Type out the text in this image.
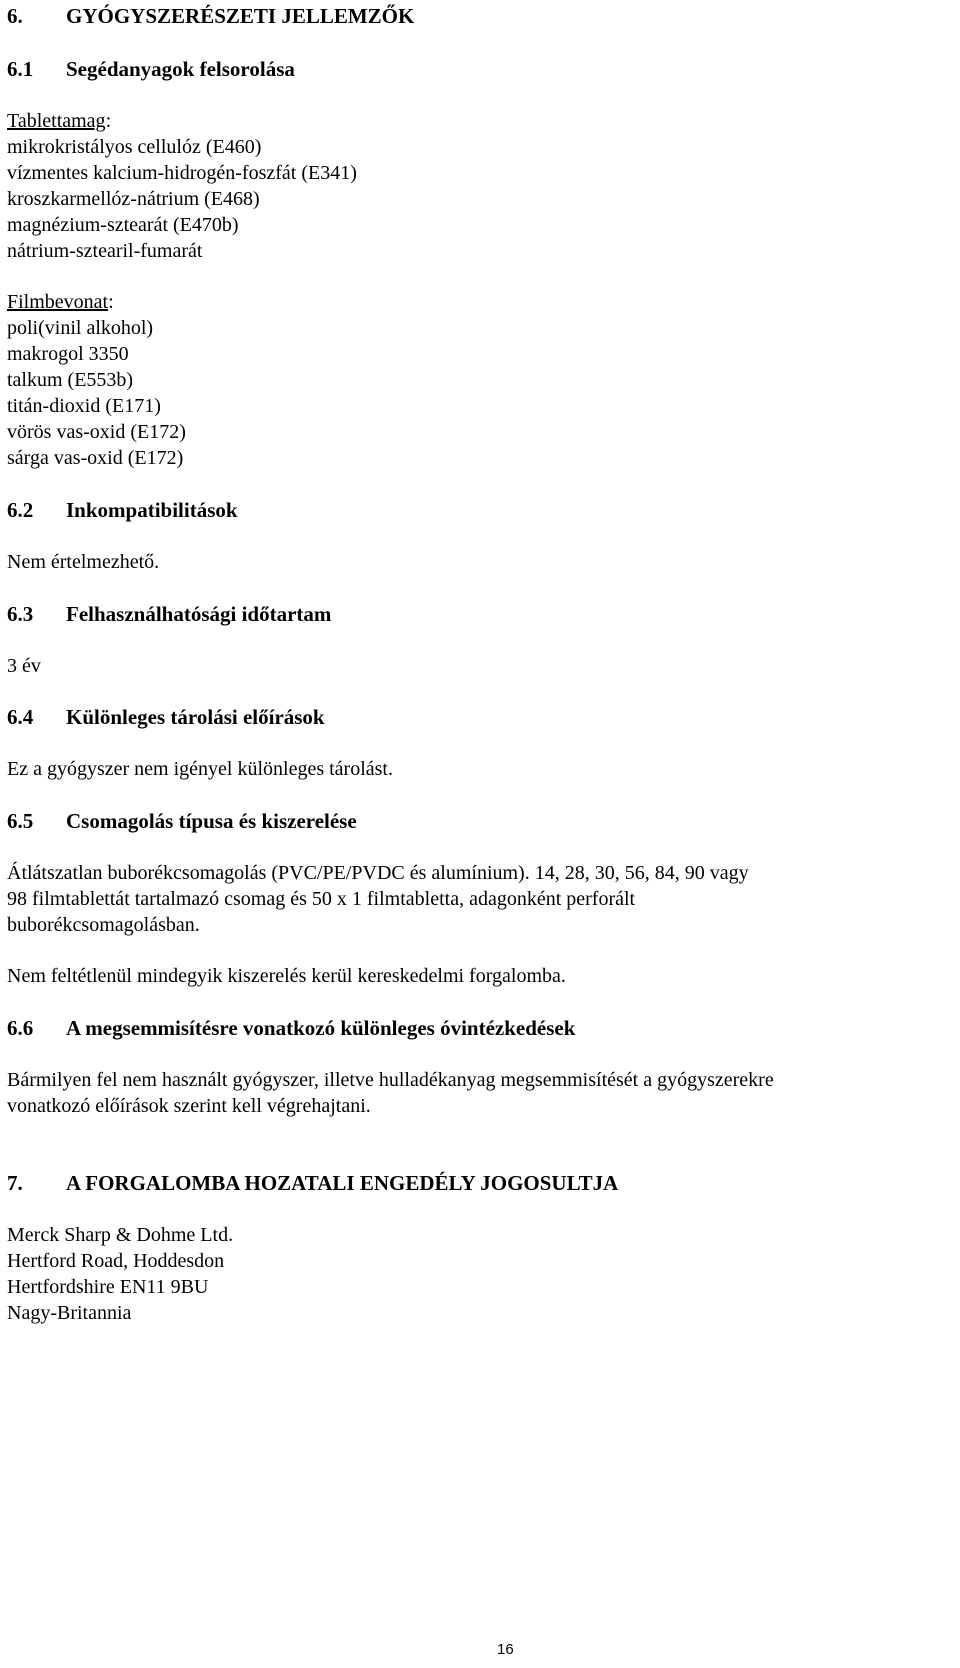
6. GYÓGYSZERÉSZETI JELLEMZŐK
6.1 Segédanyagok felsorolása
Tablettamag:
mikrokristályos cellulóz (E460)
vízmentes kalcium-hidrogén-foszfát (E341)
kroszkarmellóz-nátrium (E468)
magnézium-sztearát (E470b)
nátrium-sztearil-fumarát
Filmbevonat:
poli(vinil alkohol)
makrogol 3350
talkum (E553b)
titán-dioxid (E171)
vörös vas-oxid (E172)
sárga vas-oxid (E172)
6.2 Inkompatibilitások
Nem értelmezhető.
6.3 Felhasználhatósági időtartam
3 év
6.4 Különleges tárolási előírások
Ez a gyógyszer nem igényel különleges tárolást.
6.5 Csomagolás típusa és kiszerelése
Átlátszatlan buborékcsomagolás (PVC/PE/PVDC és alumínium). 14, 28, 30, 56, 84, 90 vagy
98 filmtablettát tartalmazó csomag és 50 x 1 filmtabletta, adagonként perforált
buborékcsomagolásban.
Nem feltétlenül mindegyik kiszerelés kerül kereskedelmi forgalomba.
6.6 A megsemmisítésre vonatkozó különleges óvintézkedések
Bármilyen fel nem használt gyógyszer, illetve hulladékanyag megsemmisítését a gyógyszerekre
vonatkozó előírások szerint kell végrehajtani.
7. A FORGALOMBA HOZATALI ENGEDÉLY JOGOSULTJA
Merck Sharp & Dohme Ltd.
Hertford Road, Hoddesdon
Hertfordshire EN11 9BU
Nagy-Britannia
16
